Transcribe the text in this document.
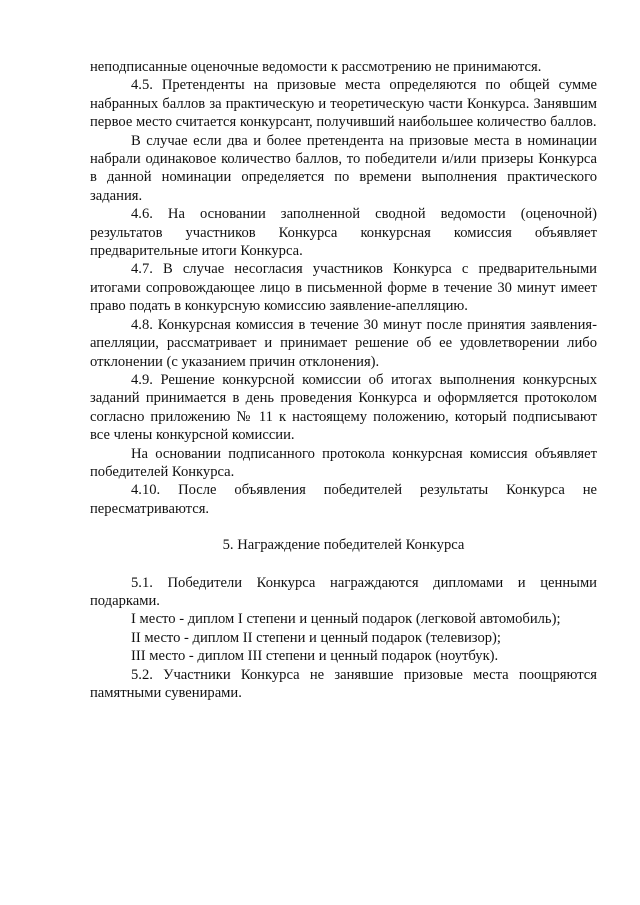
неподписанные оценочные ведомости к рассмотрению не принимаются.

4.5. Претенденты на призовые места определяются по общей сумме набранных баллов за практическую и теоретическую части Конкурса. Занявшим первое место считается конкурсант, получивший наибольшее количество баллов.

В случае если два и более претендента на призовые места в номинации набрали одинаковое количество баллов, то победители и/или призеры Конкурса в данной номинации определяется по времени выполнения практического задания.

4.6. На основании заполненной сводной ведомости (оценочной) результатов участников Конкурса конкурсная комиссия объявляет предварительные итоги Конкурса.

4.7. В случае несогласия участников Конкурса с предварительными итогами сопровождающее лицо в письменной форме в течение 30 минут имеет право подать в конкурсную комиссию заявление-апелляцию.

4.8. Конкурсная комиссия в течение 30 минут после принятия заявления-апелляции, рассматривает и принимает решение об ее удовлетворении либо отклонении (с указанием причин отклонения).

4.9. Решение конкурсной комиссии об итогах выполнения конкурсных заданий принимается в день проведения Конкурса и оформляется протоколом согласно приложению № 11 к настоящему положению, который подписывают все члены конкурсной комиссии.

На основании подписанного протокола конкурсная комиссия объявляет победителей Конкурса.

4.10. После объявления победителей результаты Конкурса не пересматриваются.

5. Награждение победителей Конкурса

5.1. Победители Конкурса награждаются дипломами и ценными подарками.

I место - диплом I степени и ценный подарок (легковой автомобиль);

II место - диплом II степени и ценный подарок (телевизор);

III место - диплом III степени и ценный подарок (ноутбук).

5.2. Участники Конкурса не занявшие призовые места поощряются памятными сувенирами.
